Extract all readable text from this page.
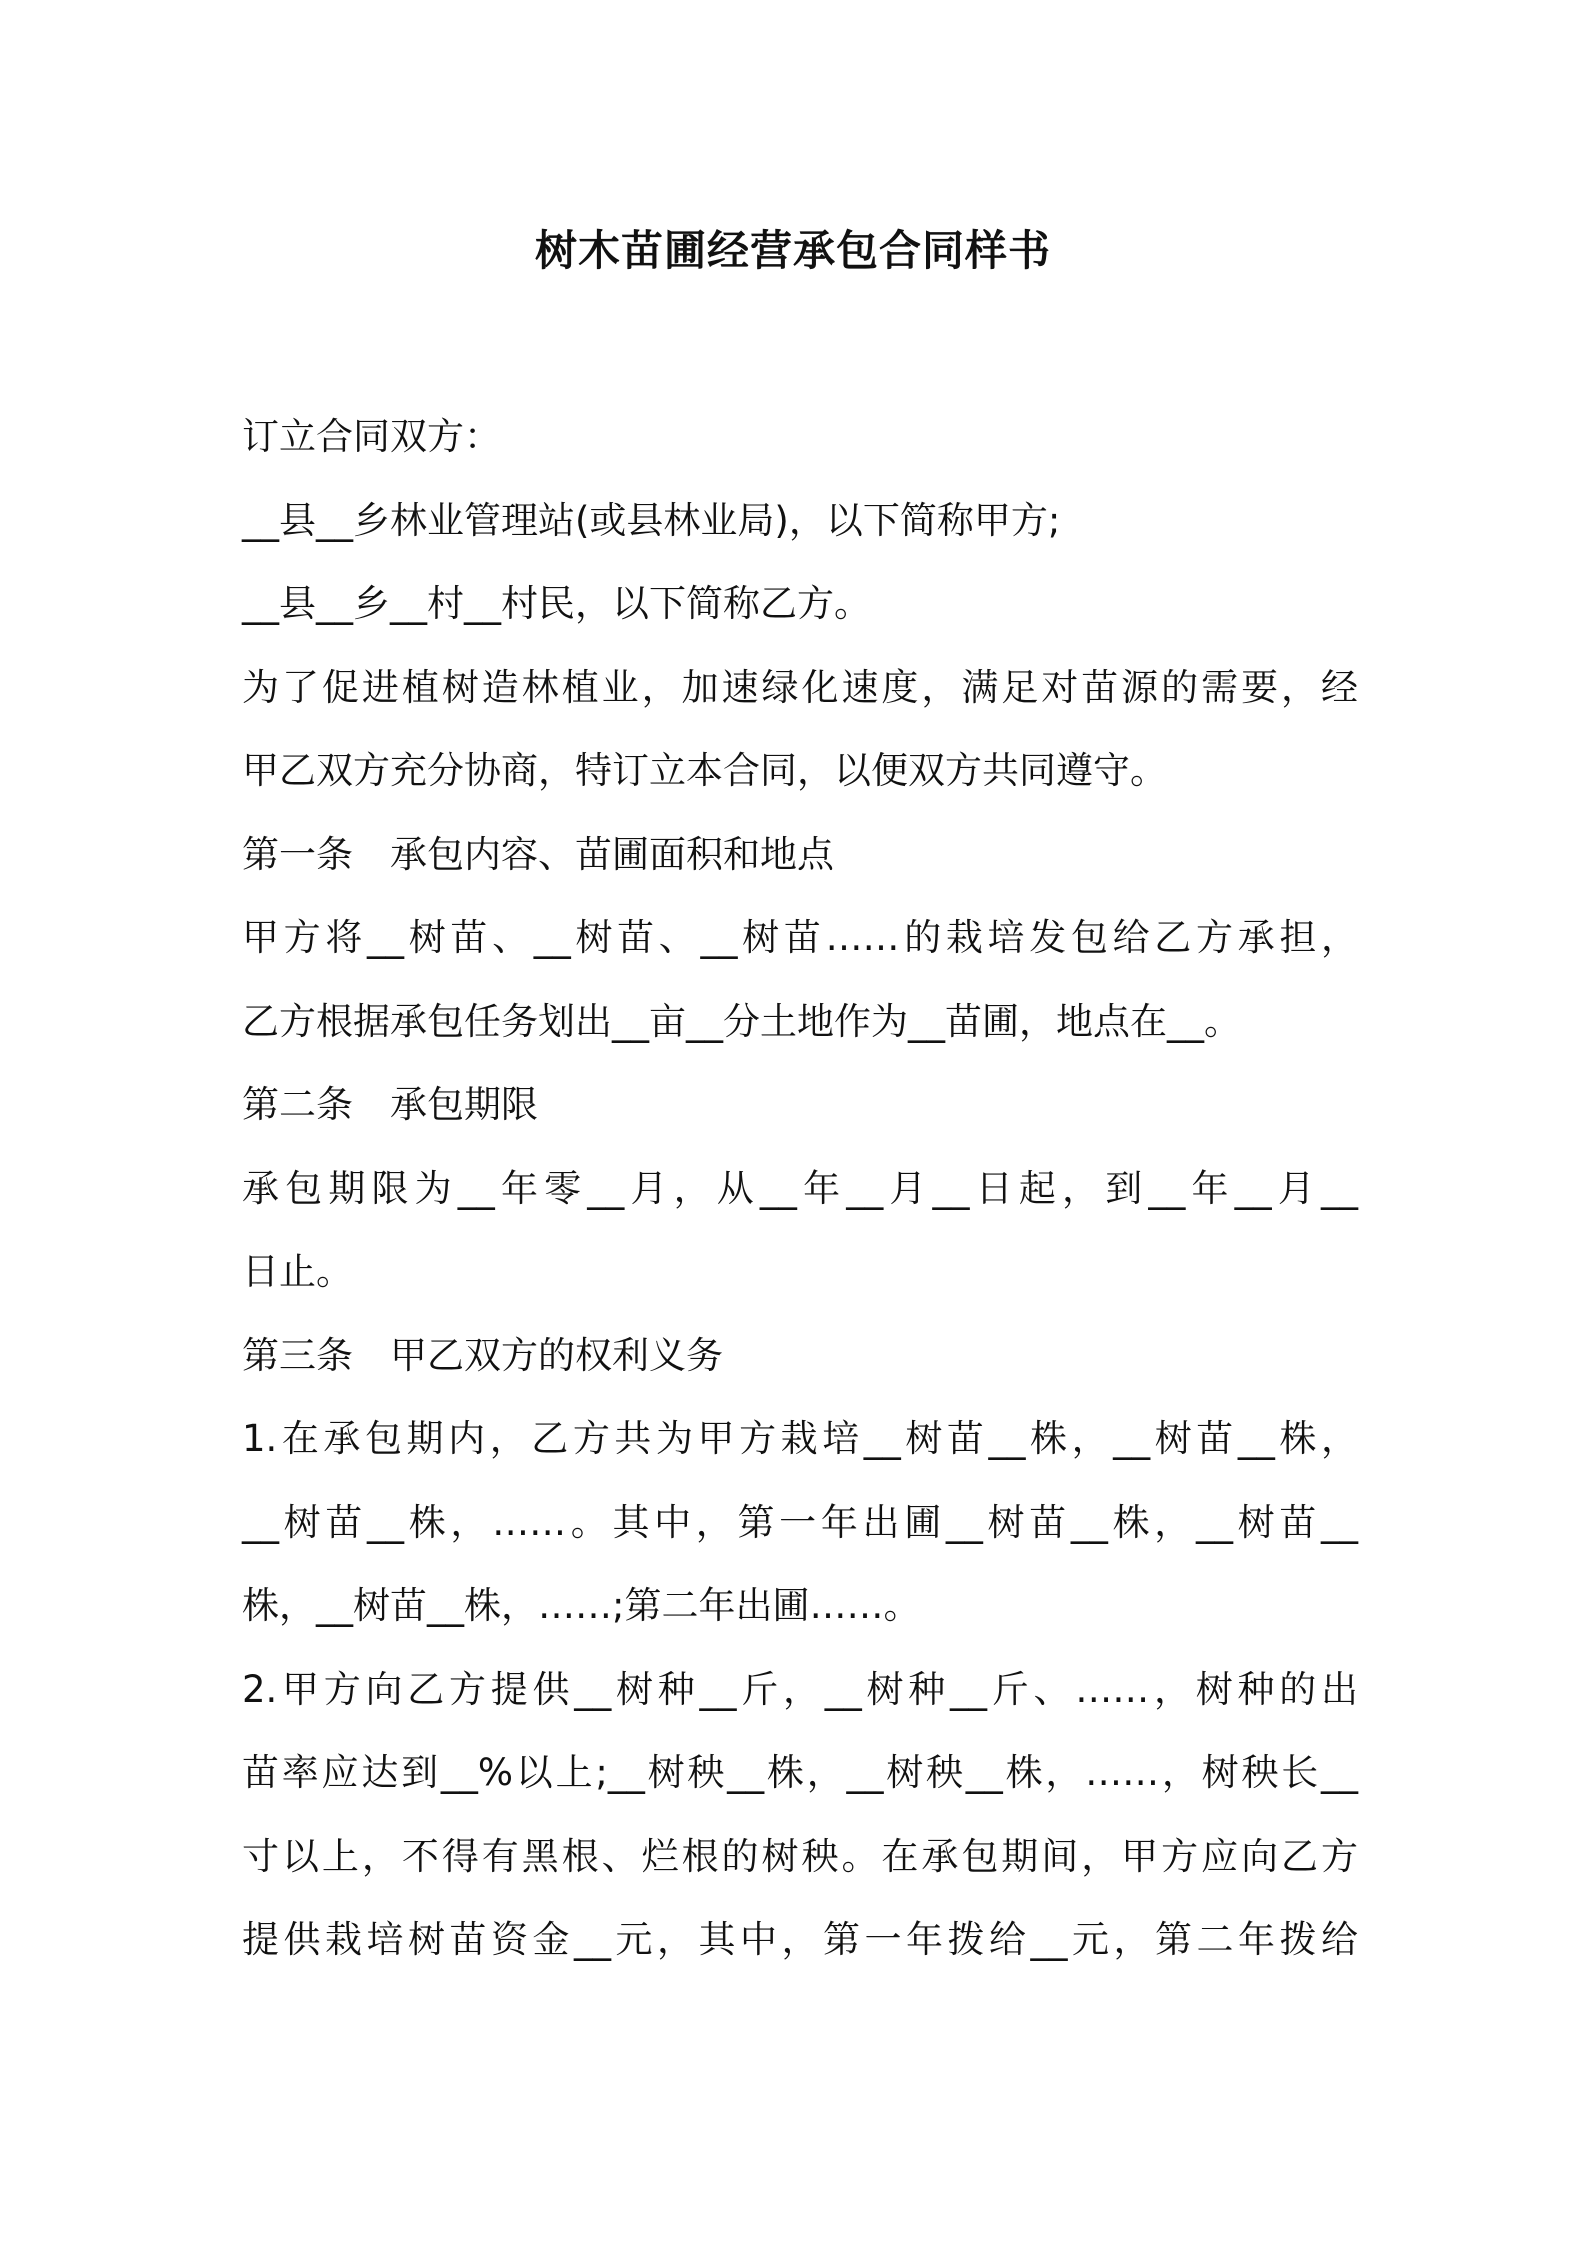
树木苗圃经营承包合同样书
订立合同双方：
__县__乡林业管理站(或县林业局)，以下简称甲方;
__县__乡__村__村民，以下简称乙方。
为了促进植树造林植业，加速绿化速度，满足对苗源的需要，经
甲乙双方充分协商，特订立本合同，以便双方共同遵守。
第一条　承包内容、苗圃面积和地点
甲方将__树苗、__树苗、__树苗……的栽培发包给乙方承担，
乙方根据承包任务划出__亩__分土地作为__苗圃，地点在__。
第二条　承包期限
承包期限为__年零__月，从__年__月__日起，到__年__月__
日止。
第三条　甲乙双方的权利义务
1.在承包期内，乙方共为甲方栽培__树苗__株，__树苗__株，
__树苗__株，……。其中，第一年出圃__树苗__株，__树苗__
株，__树苗__株，……;第二年出圃……。
2.甲方向乙方提供__树种__斤，__树种__斤、……，树种的出
苗率应达到__%以上;__树秧__株，__树秧__株，……，树秧长__
寸以上，不得有黑根、烂根的树秧。在承包期间，甲方应向乙方
提供栽培树苗资金__元，其中，第一年拨给__元，第二年拨给
